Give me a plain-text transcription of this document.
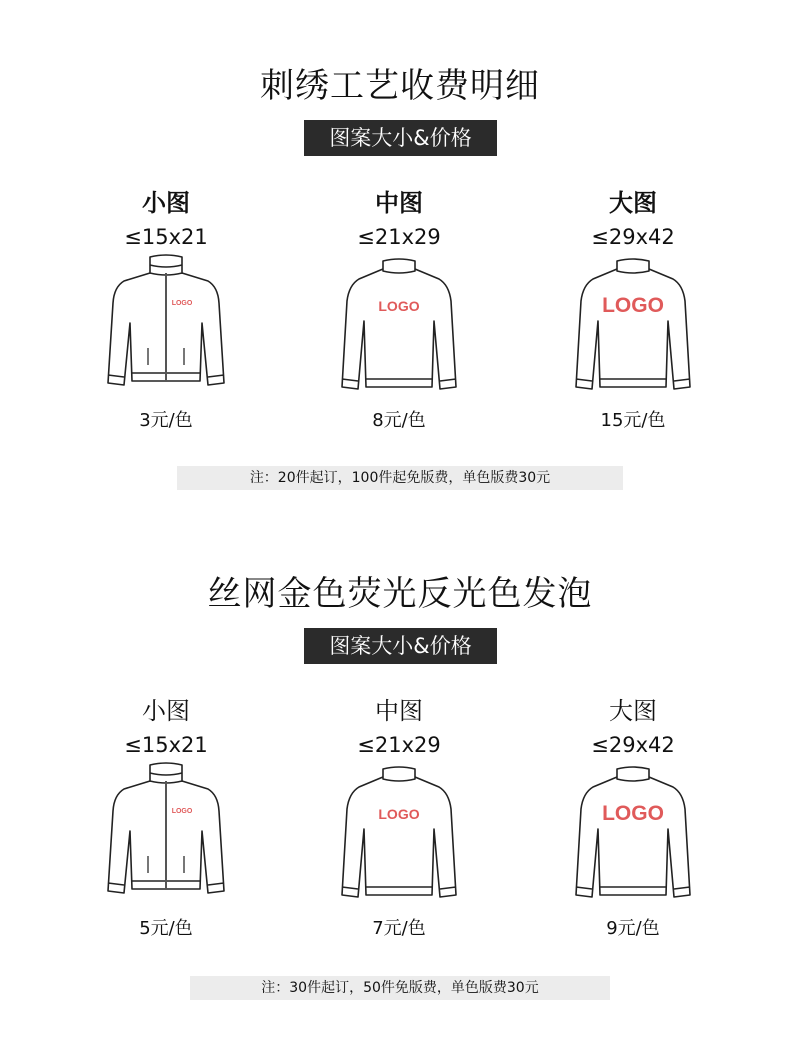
刺绣工艺收费明细
图案大小&价格
小图
≤15x21
LOGO
3元/色
中图
≤21x29
LOGO
8元/色
大图
≤29x42
LOGO
15元/色
注：20件起订，100件起免版费，单色版费30元
丝网金色荧光反光色发泡
图案大小&价格
小图
≤15x21
LOGO
5元/色
中图
≤21x29
LOGO
7元/色
大图
≤29x42
LOGO
9元/色
注：30件起订，50件免版费，单色版费30元
